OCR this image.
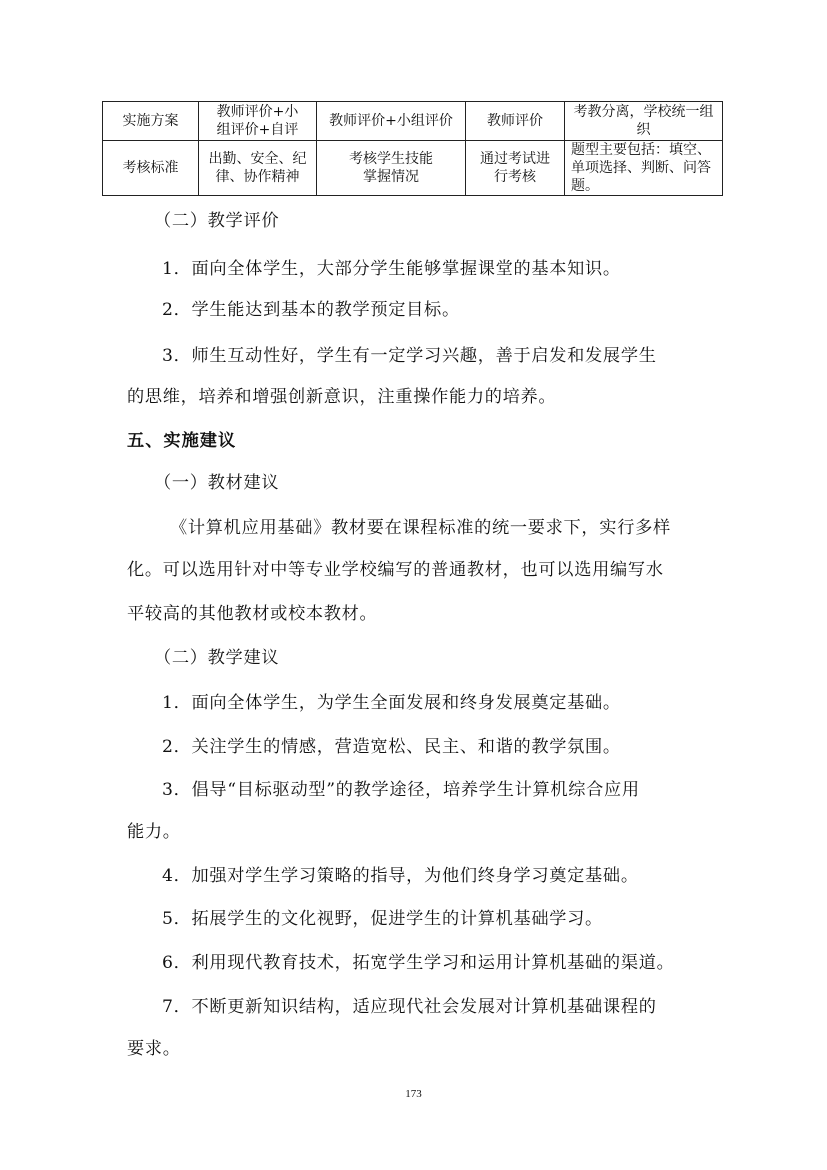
实施方案	教师评价+小组评价+自评	教师评价+小组评价	教师评价	考教分离，学校统一组织
考核标准	出勤、安全、纪律、协作精神	考核学生技能掌握情况	通过考试进行考核	题型主要包括：填空、单项选择、判断、问答题。

（二）教学评价

1．面向全体学生，大部分学生能够掌握课堂的基本知识。

2．学生能达到基本的教学预定目标。

3．师生互动性好，学生有一定学习兴趣，善于启发和发展学生

的思维，培养和增强创新意识，注重操作能力的培养。

五、实施建议

（一）教材建议

《计算机应用基础》教材要在课程标准的统一要求下，实行多样

化。可以选用针对中等专业学校编写的普通教材，也可以选用编写水

平较高的其他教材或校本教材。

（二）教学建议

1．面向全体学生，为学生全面发展和终身发展奠定基础。

2．关注学生的情感，营造宽松、民主、和谐的教学氛围。

3．倡导“目标驱动型”的教学途径，培养学生计算机综合应用

能力。

4．加强对学生学习策略的指导，为他们终身学习奠定基础。

5．拓展学生的文化视野，促进学生的计算机基础学习。

6．利用现代教育技术，拓宽学生学习和运用计算机基础的渠道。

7．不断更新知识结构，适应现代社会发展对计算机基础课程的

要求。

173
